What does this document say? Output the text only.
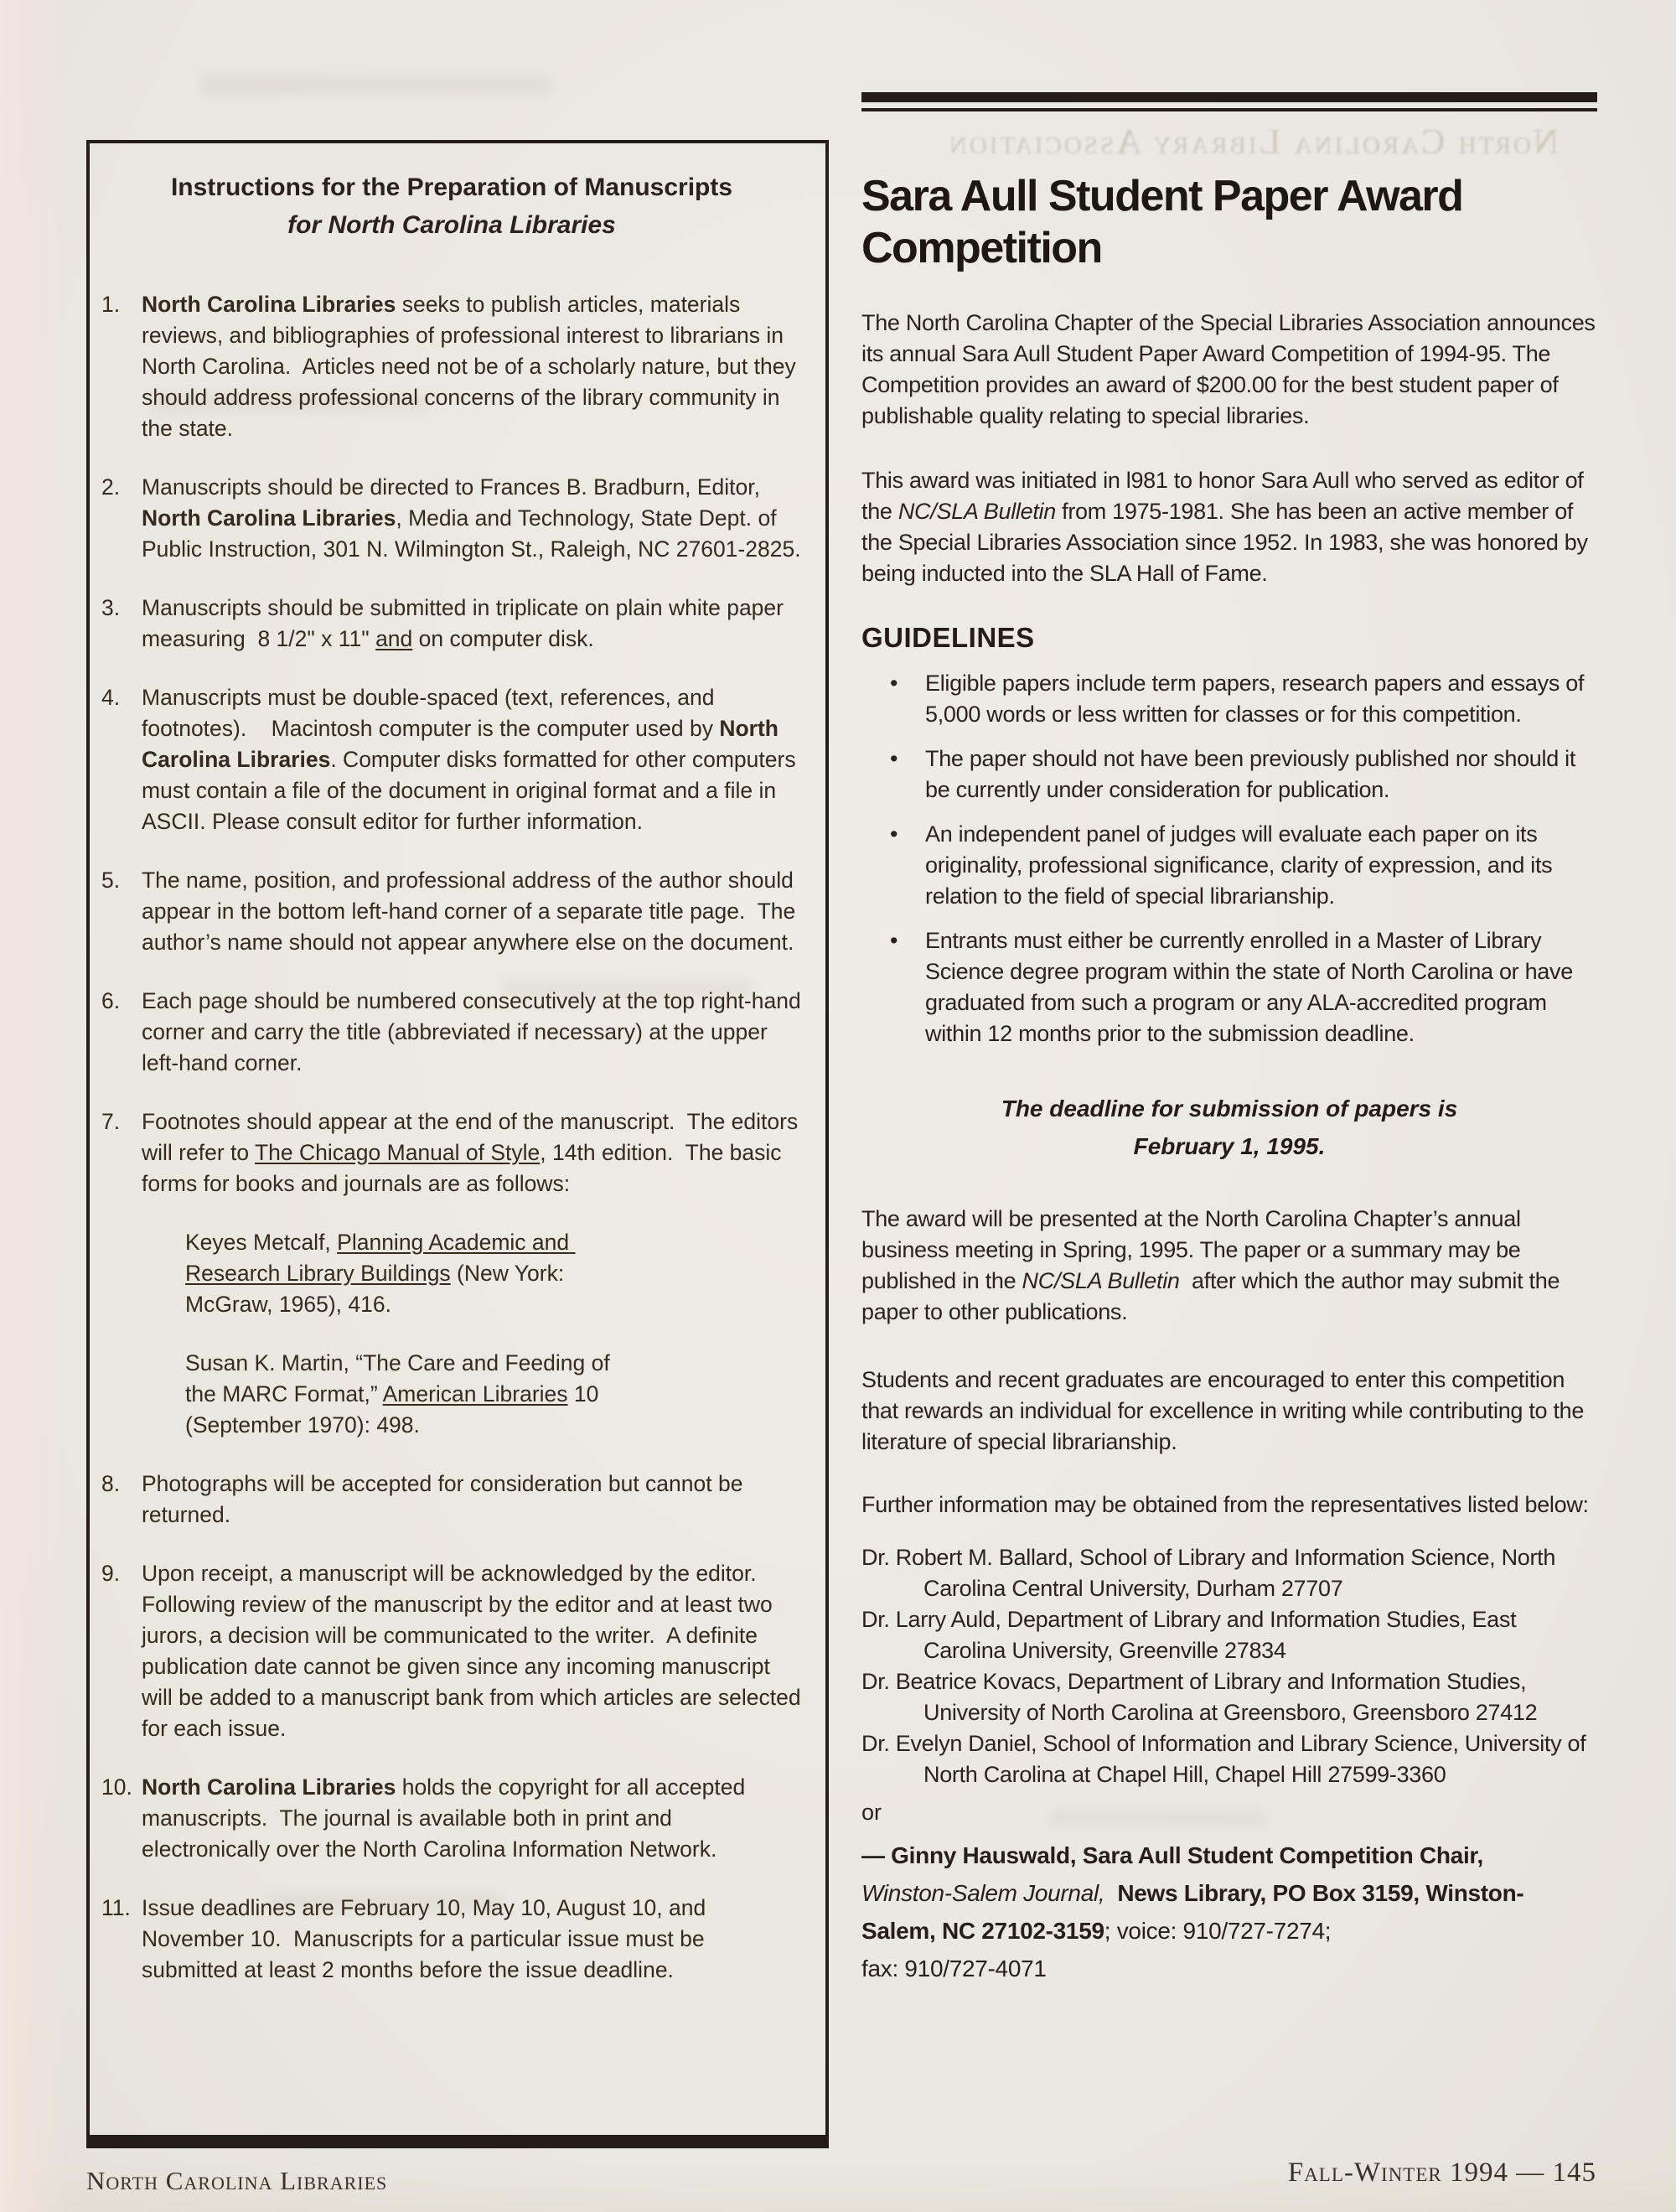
North Carolina Library Association
Instructions for the Preparation of Manuscripts
for North Carolina Libraries
1. North Carolina Libraries seeks to publish articles, materials reviews, and bibliographies of professional interest to librarians in North Carolina.  Articles need not be of a scholarly nature, but they should address professional concerns of the library community in the state.
2. Manuscripts should be directed to Frances B. Bradburn, Editor, North Carolina Libraries, Media and Technology, State Dept. of Public Instruction, 301 N. Wilmington St., Raleigh, NC 27601-2825.
3. Manuscripts should be submitted in triplicate on plain white paper measuring  8 1/2" x 11" and on computer disk.
4. Manuscripts must be double-spaced (text, references, and footnotes).    Macintosh computer is the computer used by North Carolina Libraries. Computer disks formatted for other computers must contain a file of the document in original format and a file in ASCII. Please consult editor for further information.
5. The name, position, and professional address of the author should appear in the bottom left-hand corner of a separate title page.  The author’s name should not appear anywhere else on the document.
6. Each page should be numbered consecutively at the top right-hand corner and carry the title (abbreviated if necessary) at the upper left-hand corner.
7. Footnotes should appear at the end of the manuscript.  The editors will refer to The Chicago Manual of Style, 14th edition.  The basic forms for books and journals are as follows:
Keyes Metcalf, Planning Academic and Research Library Buildings (New York: McGraw, 1965), 416.
Susan K. Martin, “The Care and Feeding of the MARC Format,” American Libraries 10 (September 1970): 498.
8. Photographs will be accepted for consideration but cannot be returned.
9. Upon receipt, a manuscript will be acknowledged by the editor.  Following review of the manuscript by the editor and at least two jurors, a decision will be communicated to the writer.  A definite publication date cannot be given since any incoming manuscript will be added to a manuscript bank from which articles are selected for each issue.
10. North Carolina Libraries holds the copyright for all accepted manuscripts.  The journal is available both in print and electronically over the North Carolina Information Network.
11. Issue deadlines are February 10, May 10, August 10, and November 10.  Manuscripts for a particular issue must be submitted at least 2 months before the issue deadline.
Sara Aull Student Paper Award
Competition

The North Carolina Chapter of the Special Libraries Association announces its annual Sara Aull Student Paper Award Competition of 1994-95. The Competition provides an award of $200.00 for the best student paper of publishable quality relating to special libraries.

This award was initiated in l981 to honor Sara Aull who served as editor of the NC/SLA Bulletin from 1975-1981. She has been an active member of the Special Libraries Association since 1952. In 1983, she was honored by being inducted into the SLA Hall of Fame.

GUIDELINES
•	Eligible papers include term papers, research papers and essays of 5,000 words or less written for classes or for this competition.
•	The paper should not have been previously published nor should it be currently under consideration for publication.
•	An independent panel of judges will evaluate each paper on its originality, professional significance, clarity of expression, and its relation to the field of special librarianship.
•	Entrants must either be currently enrolled in a Master of Library Science degree program within the state of North Carolina or have graduated from such a program or any ALA-accredited program within 12 months prior to the submission deadline.
The deadline for submission of papers is
February 1, 1995.

The award will be presented at the North Carolina Chapter’s annual business meeting in Spring, 1995. The paper or a summary may be published in the NC/SLA Bulletin  after which the author may submit the paper to other publications.

Students and recent graduates are encouraged to enter this competition that rewards an individual for excellence in writing while contributing to the literature of special librarianship.

Further information may be obtained from the representatives listed below:

Dr. Robert M. Ballard, School of Library and Information Science, North Carolina Central University, Durham 27707
Dr. Larry Auld, Department of Library and Information Studies, East Carolina University, Greenville 27834
Dr. Beatrice Kovacs, Department of Library and Information Studies, University of North Carolina at Greensboro, Greensboro 27412
Dr. Evelyn Daniel, School of Information and Library Science, University of North Carolina at Chapel Hill, Chapel Hill 27599-3360
or
— Ginny Hauswald, Sara Aull Student Competition Chair,
Winston-Salem Journal, News Library, PO Box 3159, Winston-Salem, NC 27102-3159; voice: 910/727-7274;
fax: 910/727-4071
North Carolina Libraries	Fall-Winter 1994 — 145
